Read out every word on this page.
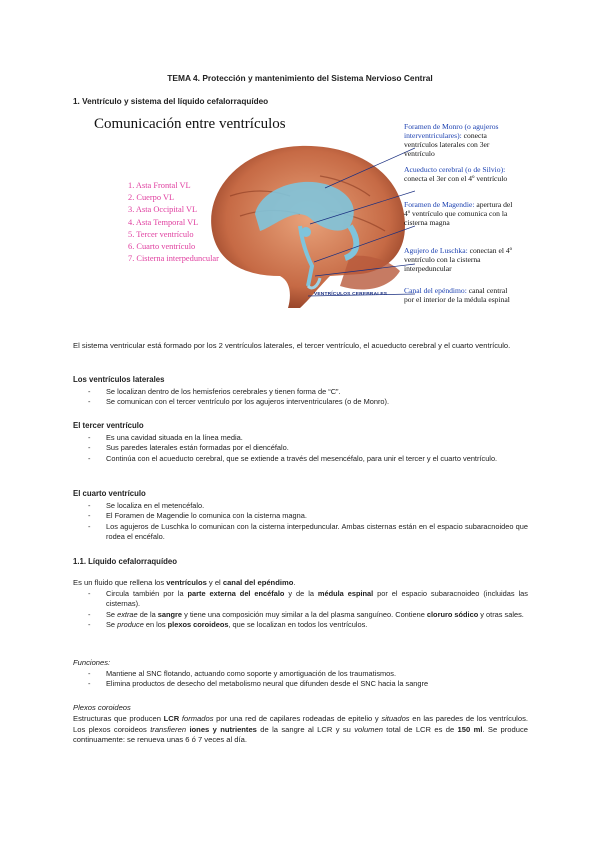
TEMA 4. Protección y mantenimiento del Sistema Nervioso Central
1. Ventrículo y sistema del líquido cefalorraquídeo
Comunicación entre ventrículos
1. Asta Frontal VL
2. Cuerpo VL
3. Asta Occipital VL
4. Asta Temporal VL
5. Tercer ventrículo
6. Cuarto ventrículo
7. Cisterna interpeduncular
VENTRÍCULOS CEREBRALES
Foramen de Monro (o agujeros interventriculares): conecta ventrículos laterales con 3er ventrículo
Acueducto cerebral (o de Silvio): conecta el 3er con el 4º ventrículo
Foramen de Magendie: apertura del 4º ventrículo que comunica con la cisterna magna
Agujero de Luschka: conectan el 4º ventrículo con la cisterna interpeduncular
Canal del epéndimo: canal central por el interior de la médula espinal

El sistema ventricular está formado por los 2 ventrículos laterales, el tercer ventrículo, el acueducto cerebral y el cuarto ventrículo.

Los ventrículos laterales
- Se localizan dentro de los hemisferios cerebrales y tienen forma de “C”.
- Se comunican con el tercer ventrículo por los agujeros interventriculares (o de Monro).
El tercer ventrículo
- Es una cavidad situada en la línea media.
- Sus paredes laterales están formadas por el diencéfalo.
- Continúa con el acueducto cerebral, que se extiende a través del mesencéfalo, para unir el tercer y el cuarto ventrículo.
El cuarto ventrículo
- Se localiza en el metencéfalo.
- El Foramen de Magendie lo comunica con la cisterna magna.
- Los agujeros de Luschka lo comunican con la cisterna interpeduncular. Ambas cisternas están en el espacio subaracnoideo que rodea el encéfalo.
1.1. Líquido cefalorraquídeo

Es un fluido que rellena los ventrículos y el canal del epéndimo.

- Circula también por la parte externa del encéfalo y de la médula espinal por el espacio subaracnoideo (incluidas las cisternas).
- Se extrae de la sangre y tiene una composición muy similar a la del plasma sanguíneo. Contiene cloruro sódico y otras sales.
- Se produce en los plexos coroideos, que se localizan en todos los ventrículos.
Funciones:
- Mantiene al SNC flotando, actuando como soporte y amortiguación de los traumatismos.
- Elimina productos de desecho del metabolismo neural que difunden desde el SNC hacia la sangre
Plexos coroideos

Estructuras que producen LCR formados por una red de capilares rodeadas de epitelio y situados en las paredes de los ventrículos. Los plexos coroideos transfieren iones y nutrientes de la sangre al LCR y su volumen total de LCR es de 150 ml. Se produce continuamente: se renueva unas 6 ó 7 veces al día.
